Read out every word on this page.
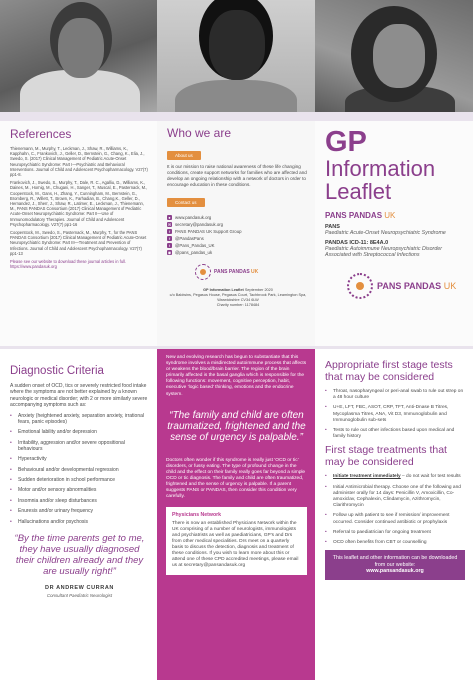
References

Thienemann, M., Murphy, T., Leckman, J., Shaw, R., Williams, K., Kapphahn, C., Frankovich, J., Geller, D., Bernstein, G., Chang, K., Elia, J., Swedo, S. (2017) Clinical Management of Pediatric Acute-Onset Neuropsychiatric Syndrome: Part I—Psychiatric and Behavioral Interventions. Journal of Child and Adolescent Psychopharmacology. V27(7) pp1-8.

Frankovich, J., Swedo, S., Murphy, T., Dale, R. C., Agalliu, D., Williams, K., Daines, M., Hornig, M., Chugani, H., Sanger, T., Muscal, E., Pasternack, M., Cooperstock, M., Gans, H., Zhang, Y., Cunningham, M., Bernstein, G., Bromberg, R., Willett, T., Brown, K., Farhadian, B., Chang,K., Geller, D., Hernandez, J., Sherr, J., Shaw, R., Latimer, E., Leckman, J., Thienemann, M., PANS PANDAS Consortium (2017) Clinical Management of Pediatric Acute-Onset Neuropsychiatric Syndrome: Part II—Use of Immunomodulatory Therapies. Journal of Child and Adolescent Psychopharmacology. V27(7) pp1-16

Cooperstock, M., Swedo, S., Pasternack, M., Murphy, T., for the PANS PANDAS Consortium (2017) Clinical Management of Pediatric Acute-Onset Neuropsychiatric Syndrome: Part III—Treatment and Prevention of Infections. Journal of Child and Adolescent Psychopharmacology. V27(7) pp1-13

Please see our website to download these journal articles in full. https://www.pandasuk.org

Who we are
About us

It is our mission to raise national awareness of these life changing conditions, create support networks for families who are affected and develop an ongoing relationship with a network of doctors in order to encourage education in these conditions.

Contact us
● www.pandasuk.org
✉ secretary@pandasuk.org
f	PANS PANDAS UK Support Group
f	@PandasPans
t	@Pans_Pandas_UK
◉ @pans_pandas_uk
PANS PANDAS UK
GP Information Leaflet September 2020
c/o Baldwins, Pegasus House, Pegasus Court, Tachbrook Park, Leamington Spa, Warwickshire CV34 6LW
Charity number: 1178484
GP
Information
Leaflet
PANS PANDAS UK
PANS
Paediatric Acute-Onset Neuropsychiatric Syndrome
PANDAS ICD-11: 8E4A.0
Paediatric Autoimmune Neuropsychiatric Disorder Associated with Streptococcal Infections
PANS PANDAS UK
Diagnostic Criteria

A sudden onset of OCD, tics or severely restricted food intake where the symptoms are not better explained by a known neurologic or medical disorder; with 2 or more similarly severe accompanying symptoms such as:

• Anxiety (heightened anxiety, separation anxiety, irrational fears, panic episodes)
• Emotional lability and/or depression
• Irritability, aggression and/or severe oppositional behaviours
• Hyperactivity
• Behavioural and/or developmental regression
• Sudden deterioration in school performance
• Motor and/or sensory abnormalities
• Insomnia and/or sleep disturbances
• Enuresis and/or urinary frequency
• Hallucinations and/or psychosis

“By the time parents get to me, they have usually diagnosed their children already and they are usually right!”

DR ANDREW CURRAN

Consultant Paediatric Neurologist

New and evolving research has begun to substantiate that this syndrome involves a misdirected autoimmune process that affects or weakens the blood/brain barrier. The region of the brain primarily affected is the basal ganglia which is responsible for the following functions: movement, cognitive perception, habit, executive ‘logic based’ thinking, emotions and the endocrine system.

“The family and child are often traumatized, frightened and the sense of urgency is palpable.”

Doctors often wonder if this syndrome is really just ‘OCD or tic’ disorders, or fussy eating. The type of profound change in the child and the effect on their family really goes far beyond a simple OCD or tic diagnosis. The family and child are often traumatized, frightened and the sense of urgency is palpable. If a parent suggests PANS or PANDAS, then consider this condition very carefully.

Physicians Network

There is now an established Physicians Network within the UK comprising of a number of neurologists, immunologists and psychiatrists as well as paediatricians, GP’s and Drs from other medical specialities. Drs meet on a quarterly basis to discuss the detection, diagnosis and treatment of these conditions. If you wish to learn more about this or attend one of these CPD accredited meetings, please email us at secretary@pansandasuk.org

Appropriate first stage tests that may be considered
• Throat, nasopharyngeal or peri-anal swab to rule out strep on a 48 hour culture
• U+E, LFT, FBC, ASOT, CRP, TFT, Anti-Dnase B Titres, Mycoplasma Titres, ANA, Vit D3, Immunoglobulin and Immunoglobulin sub-sets
• Tests to rule out other infections based upon medical and family history
First stage treatments that may be considered
• Initiate treatment immediately – do not wait for test results
• Initial Antimicrobial therapy. Choose one of the following and administer orally for 14 days: Penicillin V, Amoxicillin, Co-amoxiclav, Cephalexin, Clindamycin, Azithromycin, Clarithromycin
• Follow up with patient to see if remission/ improvement occurred. Consider continued antibiotic or prophylaxis
• Referral to paediatrician for ongoing treatment
• OCD often benefits from CBT or counselling
This leaflet and other information can be downloaded from our website:
www.pansandasuk.org
